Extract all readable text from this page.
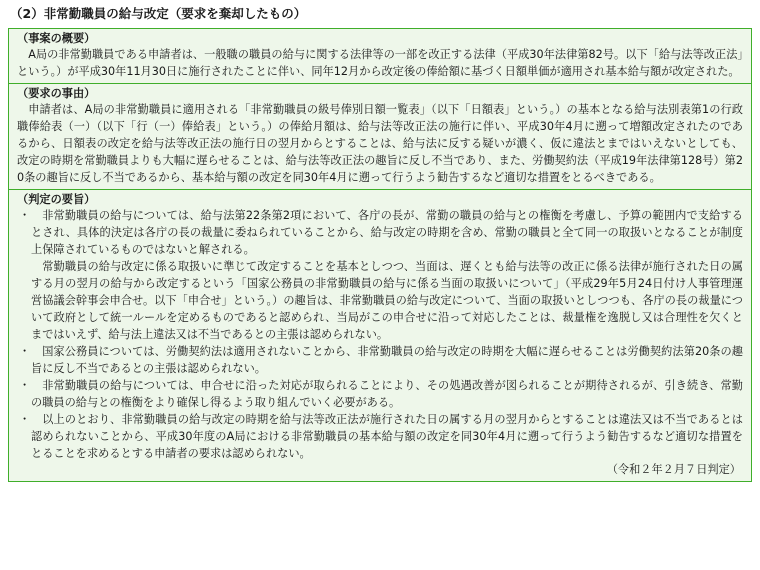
（2）非常勤職員の給与改定（要求を棄却したもの）
（事案の概要）

A局の非常勤職員である申請者は、一般職の職員の給与に関する法律等の一部を改正する法律（平成30年法律第82号。以下「給与法等改正法」という。）が平成30年11月30日に施行されたことに伴い、同年12月から改定後の俸給額に基づく日額単価が適用され基本給与額が改定された。

（要求の事由）

申請者は、A局の非常勤職員に適用される「非常勤職員の級号俸別日額一覧表」（以下「日額表」という。）の基本となる給与法別表第1の行政職俸給表（一）（以下「行（一）俸給表」という。）の俸給月額は、給与法等改正法の施行に伴い、平成30年4月に遡って増額改定されたのであるから、日額表の改定を給与法等改正法の施行日の翌月からとすることは、給与法に反する疑いが濃く、仮に違法とまではいえないとしても、改定の時期を常勤職員よりも大幅に遅らせることは、給与法等改正法の趣旨に反し不当であり、また、労働契約法（平成19年法律第128号）第20条の趣旨に反し不当であるから、基本給与額の改定を同30年4月に遡って行うよう勧告するなど適切な措置をとるべきである。

（判定の要旨）
・	非常勤職員の給与については、給与法第22条第2項において、各庁の長が、常勤の職員の給与との権衡を考慮し、予算の範囲内で支給するとされ、具体的決定は各庁の長の裁量に委ねられていることから、給与改定の時期を含め、常勤の職員と全て同一の取扱いとなることが制度上保障されているものではないと解される。

常勤職員の給与改定に係る取扱いに準じて改定することを基本としつつ、当面は、遅くとも給与法等の改正に係る法律が施行された日の属する月の翌月の給与から改定するという「国家公務員の非常勤職員の給与に係る当面の取扱いについて」（平成29年5月24日付け人事管理運営協議会幹事会申合せ。以下「申合せ」という。）の趣旨は、非常勤職員の給与改定について、当面の取扱いとしつつも、各庁の長の裁量について政府として統一ルールを定めるものであると認められ、当局がこの申合せに沿って対応したことは、裁量権を逸脱し又は合理性を欠くとまではいえず、給与法上違法又は不当であるとの主張は認められない。

・	国家公務員については、労働契約法は適用されないことから、非常勤職員の給与改定の時期を大幅に遅らせることは労働契約法第20条の趣旨に反し不当であるとの主張は認められない。
・	非常勤職員の給与については、申合せに沿った対応が取られることにより、その処遇改善が図られることが期待されるが、引き続き、常勤の職員の給与との権衡をより確保し得るよう取り組んでいく必要がある。
・	以上のとおり、非常勤職員の給与改定の時期を給与法等改正法が施行された日の属する月の翌月からとすることは違法又は不当であるとは認められないことから、平成30年度のA局における非常勤職員の基本給与額の改定を同30年4月に遡って行うよう勧告するなど適切な措置をとることを求めるとする申請者の要求は認められない。

（令和２年２月７日判定）
